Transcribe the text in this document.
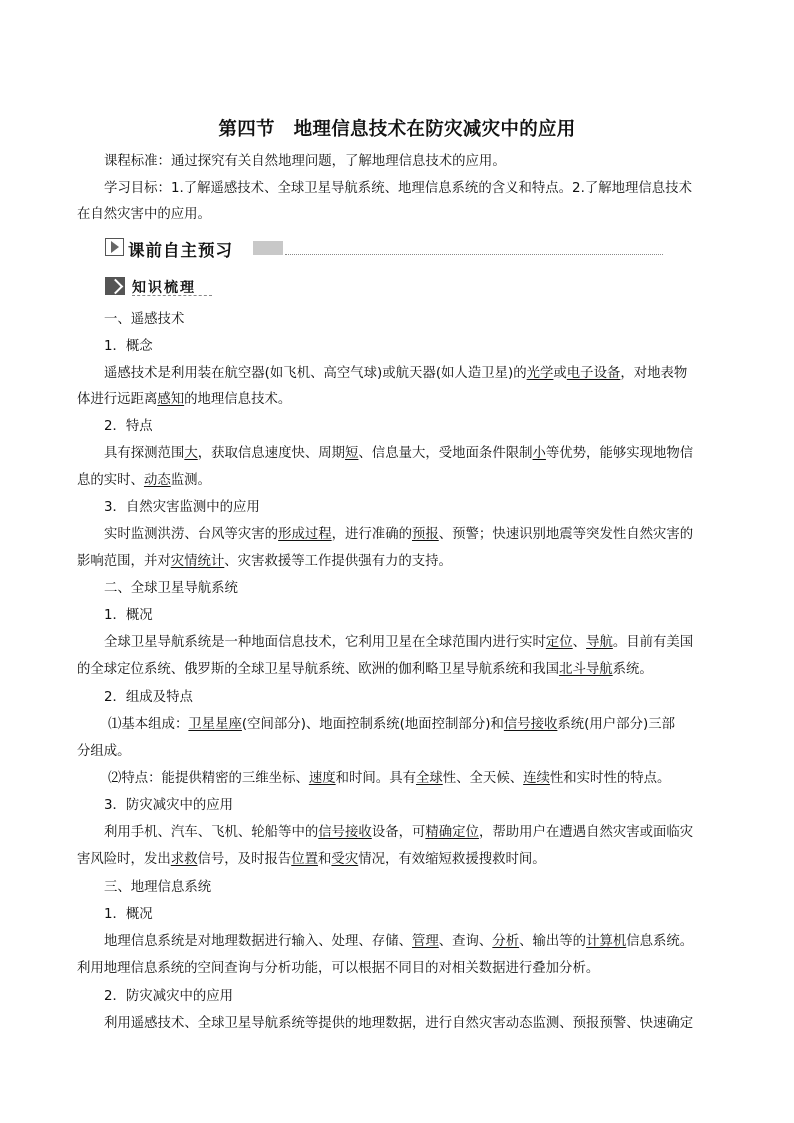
第四节　地理信息技术在防灾减灾中的应用
课程标准：通过探究有关自然地理问题，了解地理信息技术的应用。
学习目标：1.了解遥感技术、全球卫星导航系统、地理信息系统的含义和特点。2.了解地理信息技术
在自然灾害中的应用。
课前自主预习
知识梳理
一、遥感技术
1．概念
遥感技术是利用装在航空器(如飞机、高空气球)或航天器(如人造卫星)的光学或电子设备，对地表物
体进行远距离感知的地理信息技术。
2．特点
具有探测范围大，获取信息速度快、周期短、信息量大，受地面条件限制小等优势，能够实现地物信
息的实时、动态监测。
3．自然灾害监测中的应用
实时监测洪涝、台风等灾害的形成过程，进行准确的预报、预警；快速识别地震等突发性自然灾害的
影响范围，并对灾情统计、灾害救援等工作提供强有力的支持。
二、全球卫星导航系统
1．概况
全球卫星导航系统是一种地面信息技术，它利用卫星在全球范围内进行实时定位、导航。目前有美国
的全球定位系统、俄罗斯的全球卫星导航系统、欧洲的伽利略卫星导航系统和我国北斗导航系统。
2．组成及特点
⑴基本组成：卫星星座(空间部分)、地面控制系统(地面控制部分)和信号接收系统(用户部分)三部
分组成。
⑵特点：能提供精密的三维坐标、速度和时间。具有全球性、全天候、连续性和实时性的特点。
3．防灾减灾中的应用
利用手机、汽车、飞机、轮船等中的信号接收设备，可精确定位，帮助用户在遭遇自然灾害或面临灾
害风险时，发出求救信号，及时报告位置和受灾情况，有效缩短救援搜救时间。
三、地理信息系统
1．概况
地理信息系统是对地理数据进行输入、处理、存储、管理、查询、分析、输出等的计算机信息系统。
利用地理信息系统的空间查询与分析功能，可以根据不同目的对相关数据进行叠加分析。
2．防灾减灾中的应用
利用遥感技术、全球卫星导航系统等提供的地理数据，进行自然灾害动态监测、预报预警、快速确定
